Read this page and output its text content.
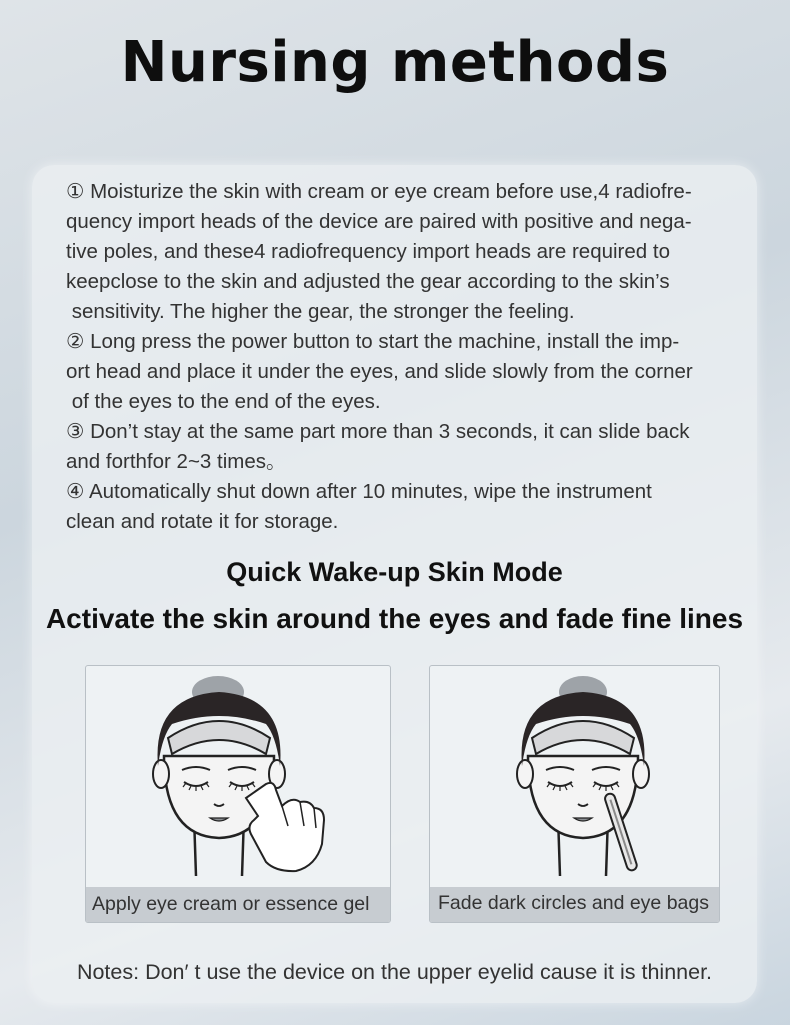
Nursing methods

① Moisturize the skin with cream or eye cream before use,4 radiofre-

quency import heads of the device are paired with positive and nega-

tive poles, and these4 radiofrequency import heads are required to

keepclose to the skin and adjusted the gear according to the skin’s

sensitivity. The higher the gear, the stronger the feeling.

② Long press the power button to start the machine, install the imp-

ort head and place it under the eyes, and slide slowly from the corner

of the eyes to the end of the eyes.

③ Don’t stay at the same part more than 3 seconds, it can slide back

and forthfor 2~3 times。

④ Automatically shut down after 10 minutes, wipe the instrument

clean and rotate it for storage.

Quick Wake-up Skin Mode
Activate the skin around the eyes and fade fine lines
Apply eye cream or essence gel	Fade dark circles and eye bags

Notes: Don′ t use the device on the upper eyelid cause it is thinner.
